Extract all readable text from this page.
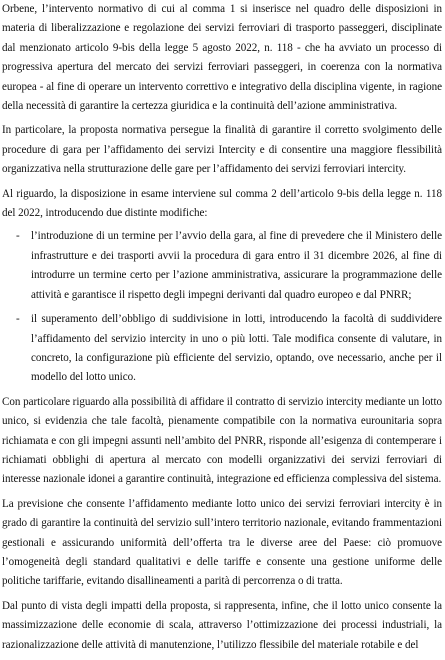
Orbene, l’intervento normativo di cui al comma 1 si inserisce nel quadro delle disposizioni in materia di liberalizzazione e regolazione dei servizi ferroviari di trasporto passeggeri, disciplinate dal menzionato articolo 9-bis della legge 5 agosto 2022, n. 118 - che ha avviato un processo di progressiva apertura del mercato dei servizi ferroviari passeggeri, in coerenza con la normativa europea - al fine di operare un intervento correttivo e integrativo della disciplina vigente, in ragione della necessità di garantire la certezza giuridica e la continuità dell’azione amministrativa.

In particolare, la proposta normativa persegue la finalità di garantire il corretto svolgimento delle procedure di gara per l’affidamento dei servizi Intercity e di consentire una maggiore flessibilità organizzativa nella strutturazione delle gare per l’affidamento dei servizi ferroviari intercity.

Al riguardo, la disposizione in esame interviene sul comma 2 dell’articolo 9-bis della legge n. 118 del 2022, introducendo due distinte modifiche:

- l’introduzione di un termine per l’avvio della gara, al fine di prevedere che il Ministero delle infrastrutture e dei trasporti avvii la procedura di gara entro il 31 dicembre 2026, al fine di introdurre un termine certo per l’azione amministrativa, assicurare la programmazione delle attività e garantisce il rispetto degli impegni derivanti dal quadro europeo e dal PNRR;
- il superamento dell’obbligo di suddivisione in lotti, introducendo la facoltà di suddividere l’affidamento del servizio intercity in uno o più lotti. Tale modifica consente di valutare, in concreto, la configurazione più efficiente del servizio, optando, ove necessario, anche per il modello del lotto unico.

Con particolare riguardo alla possibilità di affidare il contratto di servizio intercity mediante un lotto unico, si evidenzia che tale facoltà, pienamente compatibile con la normativa eurounitaria sopra richiamata e con gli impegni assunti nell’ambito del PNRR, risponde all’esigenza di contemperare i richiamati obblighi di apertura al mercato con modelli organizzativi dei servizi ferroviari di interesse nazionale idonei a garantire continuità, integrazione ed efficienza complessiva del sistema.

La previsione che consente l’affidamento mediante lotto unico dei servizi ferroviari intercity è in grado di garantire la continuità del servizio sull’intero territorio nazionale, evitando frammentazioni gestionali e assicurando uniformità dell’offerta tra le diverse aree del Paese: ciò promuove l’omogeneità degli standard qualitativi e delle tariffe e consente una gestione uniforme delle politiche tariffarie, evitando disallineamenti a parità di percorrenza o di tratta.

Dal punto di vista degli impatti della proposta, si rappresenta, infine, che il lotto unico consente la massimizzazione delle economie di scala, attraverso l’ottimizzazione dei processi industriali, la razionalizzazione delle attività di manutenzione, l’utilizzo flessibile del materiale rotabile e del
